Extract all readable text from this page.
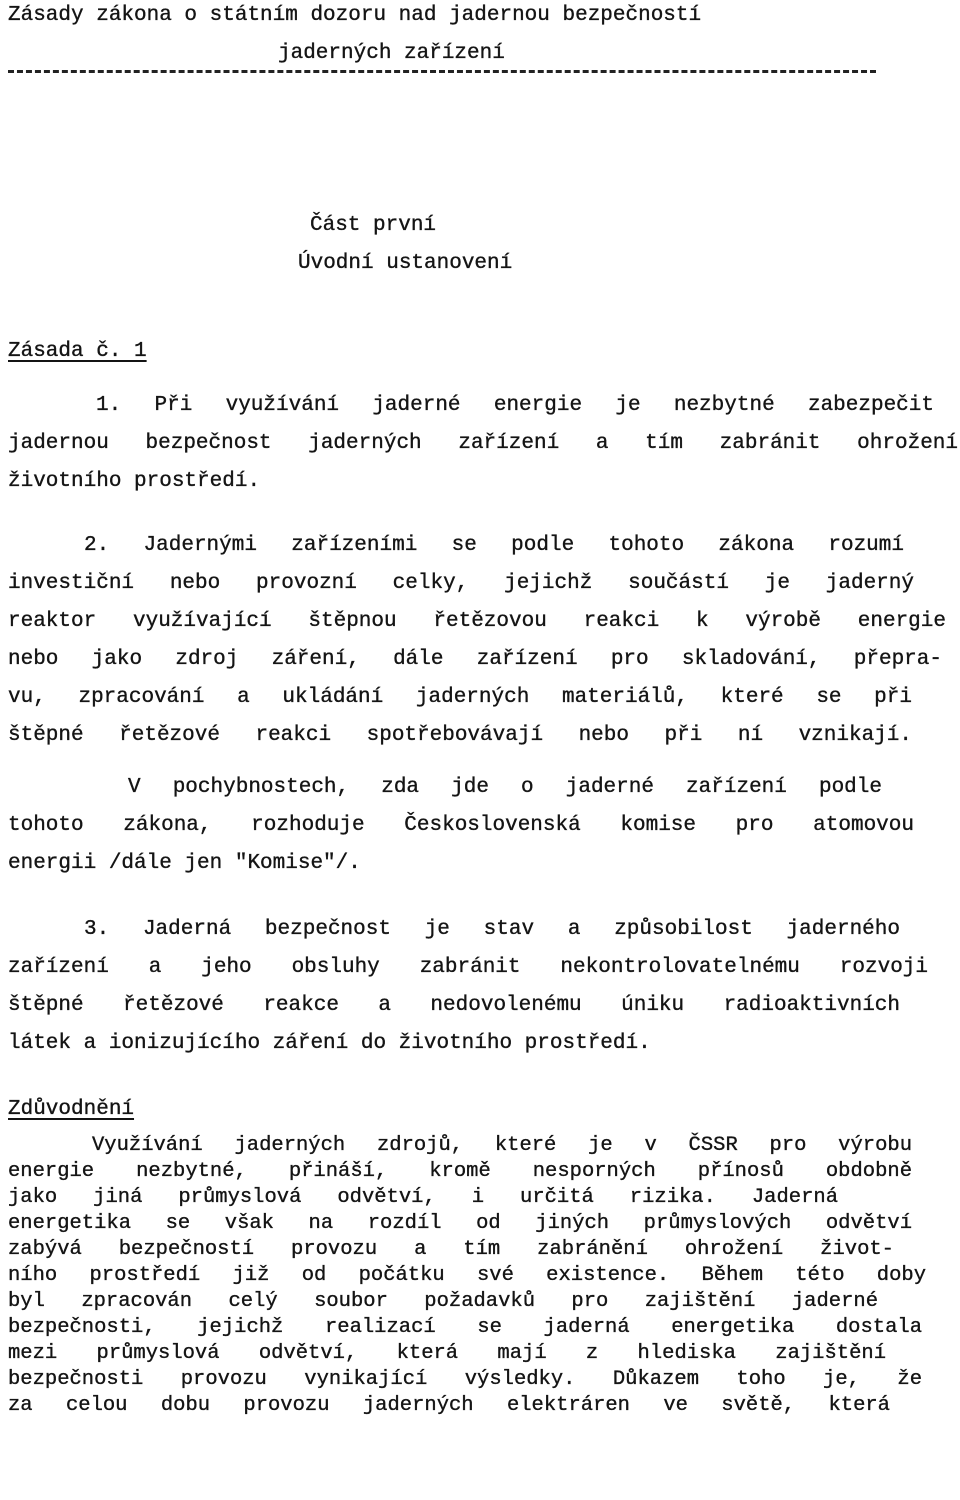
Zásady zákona o státním dozoru nad jadernou bezpečností
jaderných zařízení
Část první
Úvodní ustanovení
Zásada č. 1
1. Při využívání jaderné energie je nezbytné zabezpečit
jadernou bezpečnost jaderných zařízení a tím zabránit ohrožení
životního prostředí.
2. Jadernými zařízeními se podle tohoto zákona rozumí
investiční nebo provozní celky, jejichž součástí je jaderný
reaktor využívající štěpnou řetězovou reakci k výrobě energie
nebo jako zdroj záření, dále zařízení pro skladování, přepra-
vu, zpracování a ukládání jaderných materiálů, které se při
štěpné řetězové reakci spotřebovávají nebo při ní vznikají.
V pochybnostech, zda jde o jaderné zařízení podle
tohoto zákona, rozhoduje Československá komise pro atomovou
energii /dále jen "Komise"/.
3. Jaderná bezpečnost je stav a způsobilost jaderného
zařízení a jeho obsluhy zabránit nekontrolovatelnému rozvoji
štěpné řetězové reakce a nedovolenému úniku radioaktivních
látek a ionizujícího záření do životního prostředí.
Zdůvodnění
Využívání jaderných zdrojů, které je v ČSSR pro výrobu
energie nezbytné, přináší, kromě nesporných přínosů obdobně
jako jiná průmyslová odvětví, i určitá rizika. Jaderná
energetika se však na rozdíl od jiných průmyslových odvětví
zabývá bezpečností provozu a tím zabránění ohrožení život-
ního prostředí již od počátku své existence. Během této doby
byl zpracován celý soubor požadavků pro zajištění jaderné
bezpečnosti, jejichž realizací se jaderná energetika dostala
mezi průmyslová odvětví, která mají z hlediska zajištění
bezpečnosti provozu vynikající výsledky. Důkazem toho je, že
za celou dobu provozu jaderných elektráren ve světě, která
